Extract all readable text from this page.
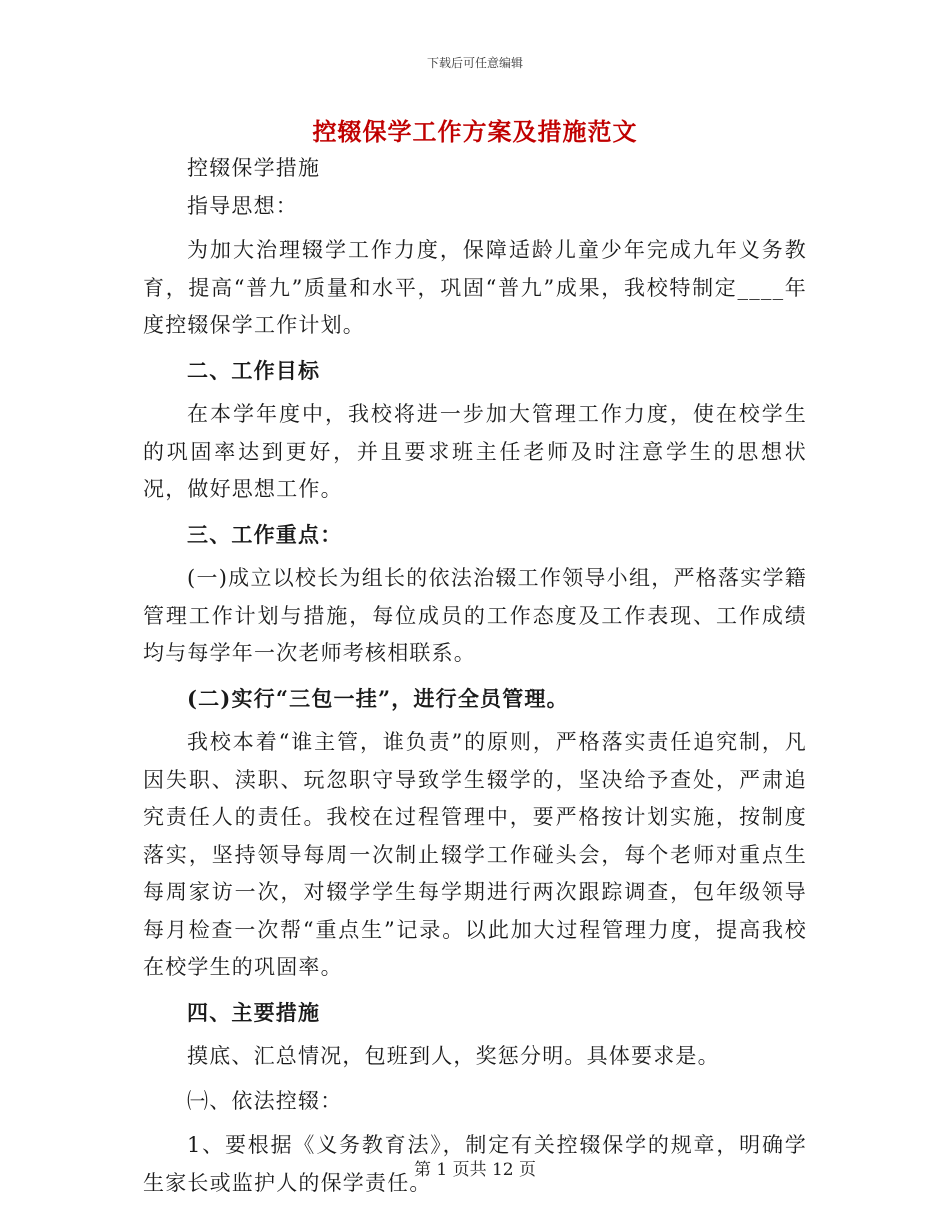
下载后可任意编辑
控辍保学工作方案及措施范文

控辍保学措施

指导思想：

为加大治理辍学工作力度，保障适龄儿童少年完成九年义务教育，提高“普九”质量和水平，巩固“普九”成果，我校特制定____年度控辍保学工作计划。

二、工作目标

在本学年度中，我校将进一步加大管理工作力度，使在校学生的巩固率达到更好，并且要求班主任老师及时注意学生的思想状况，做好思想工作。

三、工作重点：

(一)成立以校长为组长的依法治辍工作领导小组，严格落实学籍管理工作计划与措施，每位成员的工作态度及工作表现、工作成绩均与每学年一次老师考核相联系。

(二)实行“三包一挂”，进行全员管理。

我校本着“谁主管，谁负责”的原则，严格落实责任追究制，凡因失职、渎职、玩忽职守导致学生辍学的，坚决给予查处，严肃追究责任人的责任。我校在过程管理中，要严格按计划实施，按制度落实，坚持领导每周一次制止辍学工作碰头会，每个老师对重点生每周家访一次，对辍学学生每学期进行两次跟踪调查，包年级领导每月检查一次帮“重点生”记录。以此加大过程管理力度，提高我校在校学生的巩固率。

四、主要措施

摸底、汇总情况，包班到人，奖惩分明。具体要求是。

㈠、依法控辍：

1、要根据《义务教育法》，制定有关控辍保学的规章，明确学生家长或监护人的保学责任。

第 1 页共 12 页
